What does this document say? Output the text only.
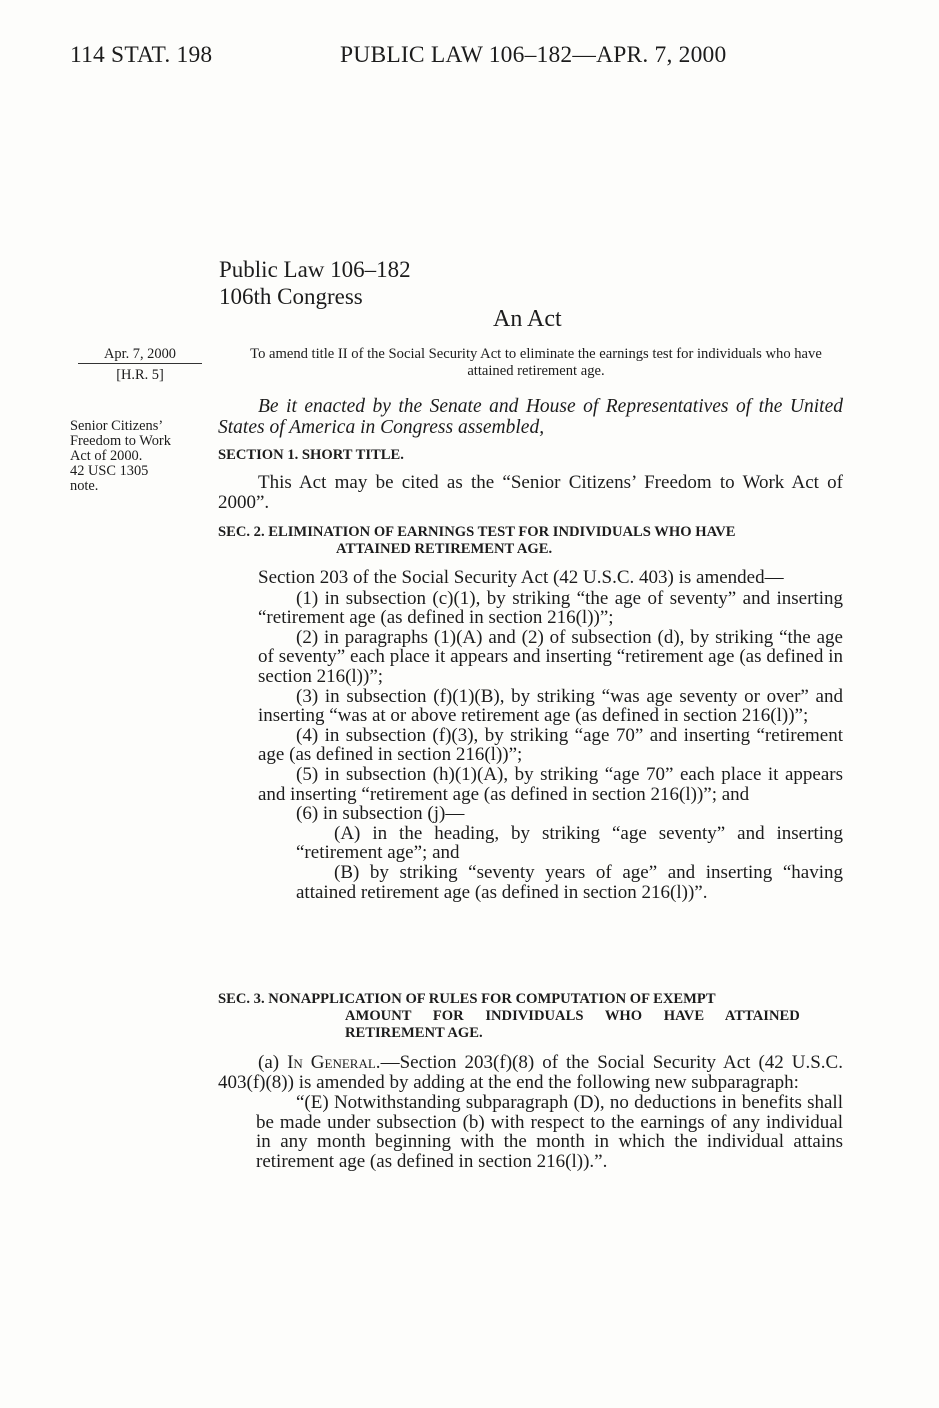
114 STAT. 198	PUBLIC LAW 106–182—APR. 7, 2000
Public Law 106–182
106th Congress
An Act
To amend title II of the Social Security Act to eliminate the earnings test for individuals who have attained retirement age.
Apr. 7, 2000
[H.R. 5]
Senior Citizens’
Freedom to Work
Act of 2000.
42 USC 1305
note.

Be it enacted by the Senate and House of Representatives of the United States of America in Congress assembled,

SECTION 1. SHORT TITLE.

This Act may be cited as the “Senior Citizens’ Freedom to Work Act of 2000”.

SEC. 2. ELIMINATION OF EARNINGS TEST FOR INDIVIDUALS WHO HAVE
ATTAINED RETIREMENT AGE.

Section 203 of the Social Security Act (42 U.S.C. 403) is amended—

(1) in subsection (c)(1), by striking “the age of seventy” and inserting “retirement age (as defined in section 216(l))”;

(2) in paragraphs (1)(A) and (2) of subsection (d), by striking “the age of seventy” each place it appears and inserting “retirement age (as defined in section 216(l))”;

(3) in subsection (f)(1)(B), by striking “was age seventy or over” and inserting “was at or above retirement age (as defined in section 216(l))”;

(4) in subsection (f)(3), by striking “age 70” and inserting “retirement age (as defined in section 216(l))”;

(5) in subsection (h)(1)(A), by striking “age 70” each place it appears and inserting “retirement age (as defined in section 216(l))”; and

(6) in subsection (j)—

(A) in the heading, by striking “age seventy” and inserting “retirement age”; and

(B) by striking “seventy years of age” and inserting “having attained retirement age (as defined in section 216(l))”.

SEC. 3. NONAPPLICATION OF RULES FOR COMPUTATION OF EXEMPT
AMOUNT FOR INDIVIDUALS WHO HAVE ATTAINED
RETIREMENT AGE.

(a) In General.—Section 203(f)(8) of the Social Security Act (42 U.S.C. 403(f)(8)) is amended by adding at the end the following new subparagraph:

“(E) Notwithstanding subparagraph (D), no deductions in benefits shall be made under subsection (b) with respect to the earnings of any individual in any month beginning with the month in which the individual attains retirement age (as defined in section 216(l)).”.
